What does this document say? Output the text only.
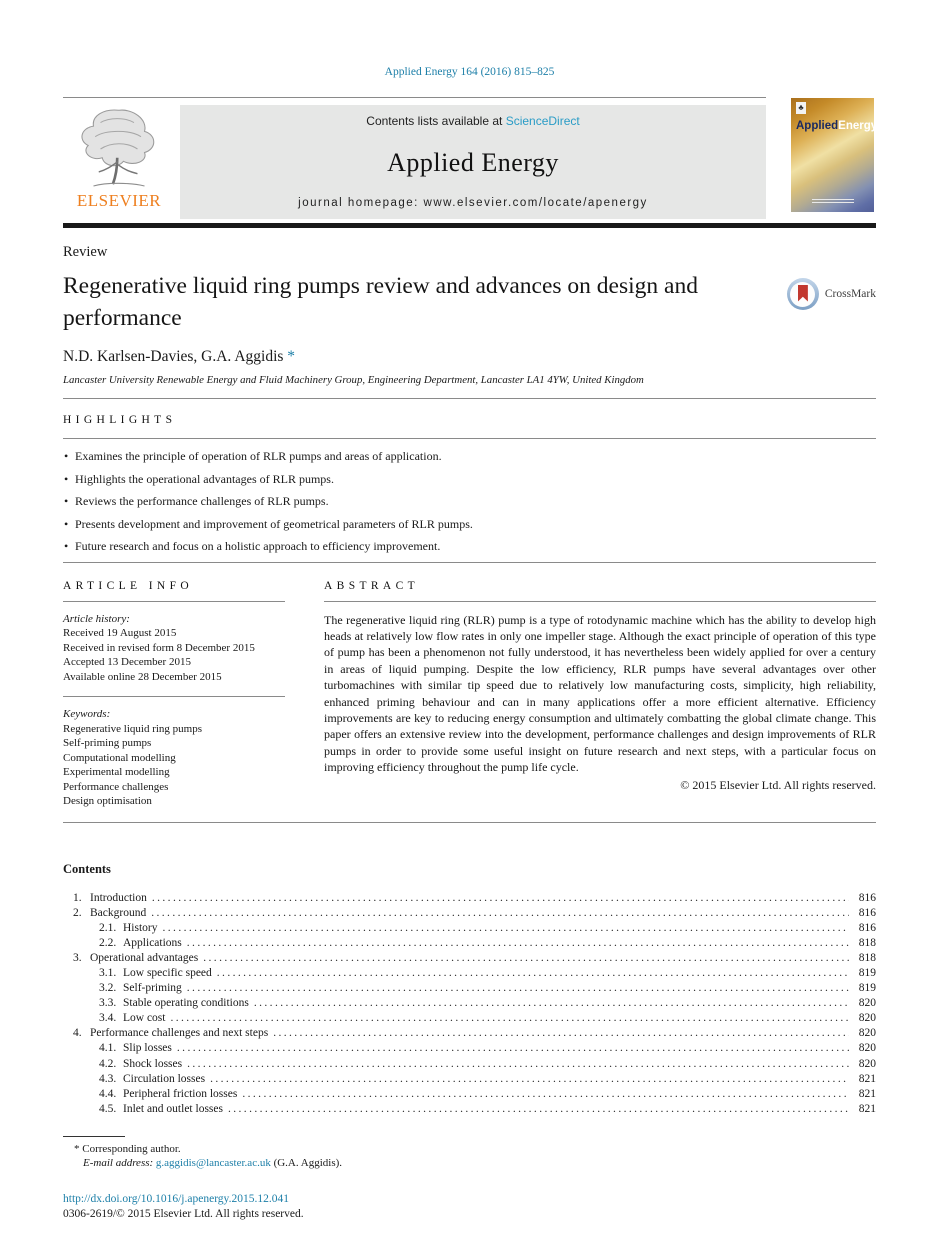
Applied Energy 164 (2016) 815–825
ELSEVIER
Contents lists available at ScienceDirect
Applied Energy
journal homepage: www.elsevier.com/locate/apenergy
♣
AppliedEnergy
Review
Regenerative liquid ring pumps review and advances on design and performance
CrossMark
N.D. Karlsen-Davies, G.A. Aggidis *
Lancaster University Renewable Energy and Fluid Machinery Group, Engineering Department, Lancaster LA1 4YW, United Kingdom
HIGHLIGHTS
• Examines the principle of operation of RLR pumps and areas of application.
• Highlights the operational advantages of RLR pumps.
• Reviews the performance challenges of RLR pumps.
• Presents development and improvement of geometrical parameters of RLR pumps.
• Future research and focus on a holistic approach to efficiency improvement.
ARTICLE INFO
Article history:
Received 19 August 2015
Received in revised form 8 December 2015
Accepted 13 December 2015
Available online 28 December 2015
Keywords:
Regenerative liquid ring pumps
Self-priming pumps
Computational modelling
Experimental modelling
Performance challenges
Design optimisation
ABSTRACT
The regenerative liquid ring (RLR) pump is a type of rotodynamic machine which has the ability to develop high heads at relatively low flow rates in only one impeller stage. Although the exact principle of operation of this type of pump has been a phenomenon not fully understood, it has nevertheless been widely applied for over a century in areas of liquid pumping. Despite the low efficiency, RLR pumps have several advantages over other turbomachines with similar tip speed due to relatively low manufacturing costs, simplicity, high reliability, enhanced priming behaviour and can in many applications offer a more efficient alternative. Efficiency improvements are key to reducing energy consumption and ultimately combatting the global climate change. This paper offers an extensive review into the development, performance challenges and design improvements of RLR pumps in order to provide some useful insight on future research and next steps, with a particular focus on improving efficiency throughout the pump life cycle.
© 2015 Elsevier Ltd. All rights reserved.
Contents
1. Introduction .....	816
2. Background .....	816
2.1. History .....	816
2.2. Applications .....	818
3. Operational advantages .....	818
3.1. Low specific speed .....	819
3.2. Self-priming .....	819
3.3. Stable operating conditions .....	820
3.4. Low cost .....	820
4. Performance challenges and next steps .....	820
4.1. Slip losses .....	820
4.2. Shock losses .....	820
4.3. Circulation losses .....	821
4.4. Peripheral friction losses .....	821
4.5. Inlet and outlet losses .....	821
* Corresponding author.
E-mail address: g.aggidis@lancaster.ac.uk (G.A. Aggidis).
http://dx.doi.org/10.1016/j.apenergy.2015.12.041
0306-2619/© 2015 Elsevier Ltd. All rights reserved.
